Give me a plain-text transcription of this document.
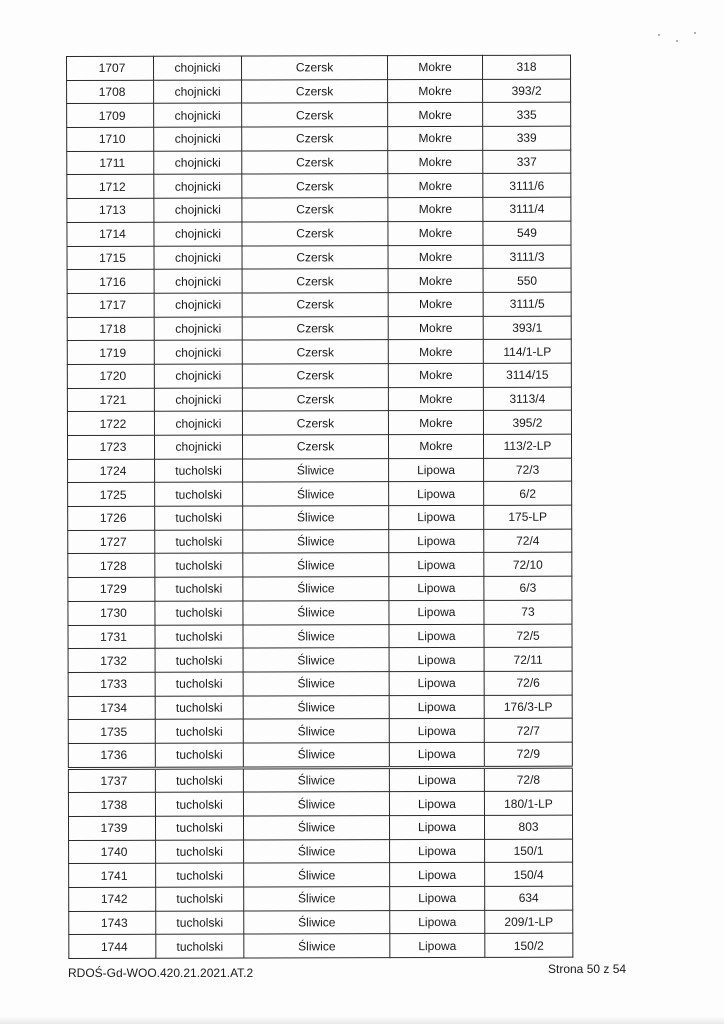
1707	chojnicki	Czersk	Mokre	318
1708	chojnicki	Czersk	Mokre	393/2
1709	chojnicki	Czersk	Mokre	335
1710	chojnicki	Czersk	Mokre	339
1711	chojnicki	Czersk	Mokre	337
1712	chojnicki	Czersk	Mokre	3111/6
1713	chojnicki	Czersk	Mokre	3111/4
1714	chojnicki	Czersk	Mokre	549
1715	chojnicki	Czersk	Mokre	3111/3
1716	chojnicki	Czersk	Mokre	550
1717	chojnicki	Czersk	Mokre	3111/5
1718	chojnicki	Czersk	Mokre	393/1
1719	chojnicki	Czersk	Mokre	114/1-LP
1720	chojnicki	Czersk	Mokre	3114/15
1721	chojnicki	Czersk	Mokre	3113/4
1722	chojnicki	Czersk	Mokre	395/2
1723	chojnicki	Czersk	Mokre	113/2-LP
1724	tucholski	Śliwice	Lipowa	72/3
1725	tucholski	Śliwice	Lipowa	6/2
1726	tucholski	Śliwice	Lipowa	175-LP
1727	tucholski	Śliwice	Lipowa	72/4
1728	tucholski	Śliwice	Lipowa	72/10
1729	tucholski	Śliwice	Lipowa	6/3
1730	tucholski	Śliwice	Lipowa	73
1731	tucholski	Śliwice	Lipowa	72/5
1732	tucholski	Śliwice	Lipowa	72/11
1733	tucholski	Śliwice	Lipowa	72/6
1734	tucholski	Śliwice	Lipowa	176/3-LP
1735	tucholski	Śliwice	Lipowa	72/7
1736	tucholski	Śliwice	Lipowa	72/9
1737	tucholski	Śliwice	Lipowa	72/8
1738	tucholski	Śliwice	Lipowa	180/1-LP
1739	tucholski	Śliwice	Lipowa	803
1740	tucholski	Śliwice	Lipowa	150/1
1741	tucholski	Śliwice	Lipowa	150/4
1742	tucholski	Śliwice	Lipowa	634
1743	tucholski	Śliwice	Lipowa	209/1-LP
1744	tucholski	Śliwice	Lipowa	150/2
RDOŚ-Gd-WOO.420.21.2021.AT.2	Strona 50 z 54
